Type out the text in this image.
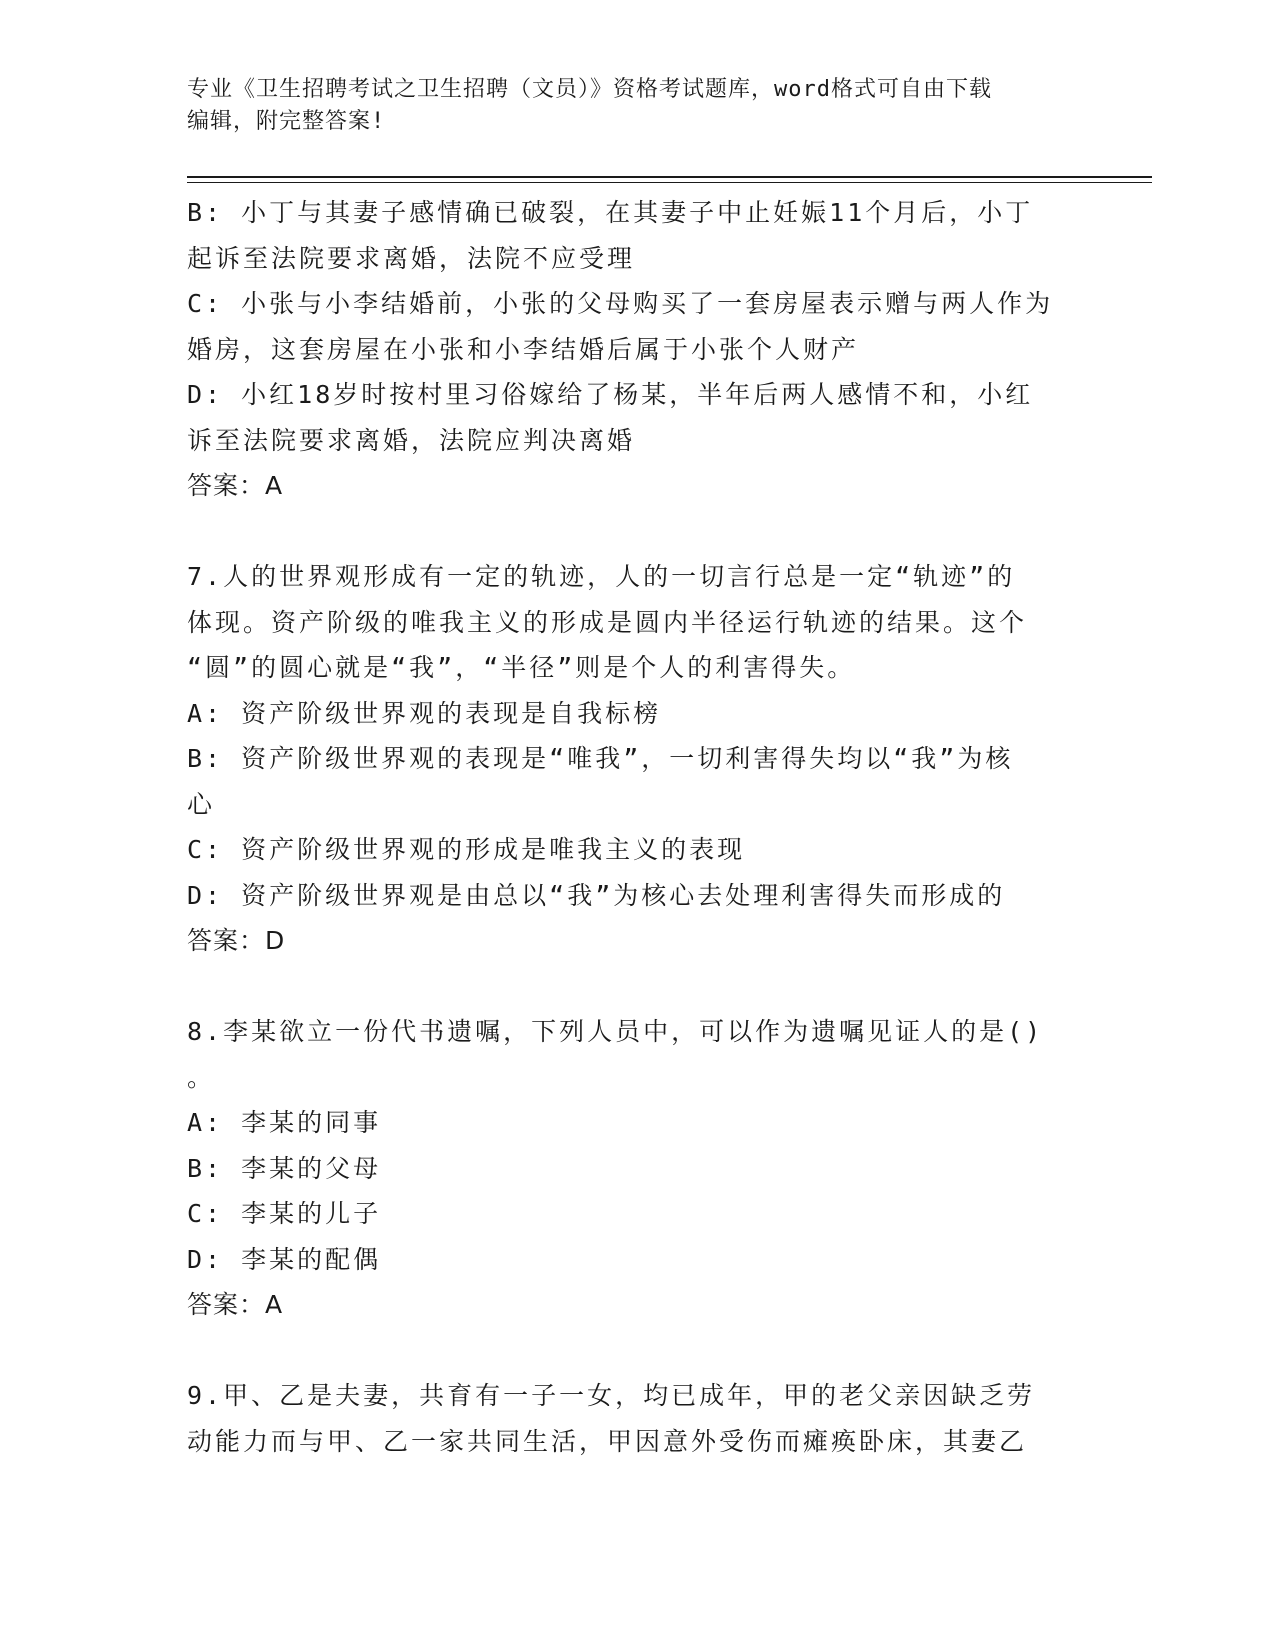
专业《卫生招聘考试之卫生招聘（文员）》资格考试题库，word格式可自由下载
编辑，附完整答案!
B: 小丁与其妻子感情确已破裂，在其妻子中止妊娠11个月后，小丁
起诉至法院要求离婚，法院不应受理
C: 小张与小李结婚前，小张的父母购买了一套房屋表示赠与两人作为
婚房，这套房屋在小张和小李结婚后属于小张个人财产
D: 小红18岁时按村里习俗嫁给了杨某，半年后两人感情不和，小红
诉至法院要求离婚，法院应判决离婚
答案：A
7.人的世界观形成有一定的轨迹，人的一切言行总是一定“轨迹”的
体现。资产阶级的唯我主义的形成是圆内半径运行轨迹的结果。这个
“圆”的圆心就是“我”，“半径”则是个人的利害得失。
A: 资产阶级世界观的表现是自我标榜
B: 资产阶级世界观的表现是“唯我”，一切利害得失均以“我”为核
心
C: 资产阶级世界观的形成是唯我主义的表现
D: 资产阶级世界观是由总以“我”为核心去处理利害得失而形成的
答案：D
8.李某欲立一份代书遗嘱，下列人员中，可以作为遗嘱见证人的是()
。
A: 李某的同事
B: 李某的父母
C: 李某的儿子
D: 李某的配偶
答案：A
9.甲、乙是夫妻，共育有一子一女，均已成年，甲的老父亲因缺乏劳
动能力而与甲、乙一家共同生活，甲因意外受伤而瘫痪卧床，其妻乙
